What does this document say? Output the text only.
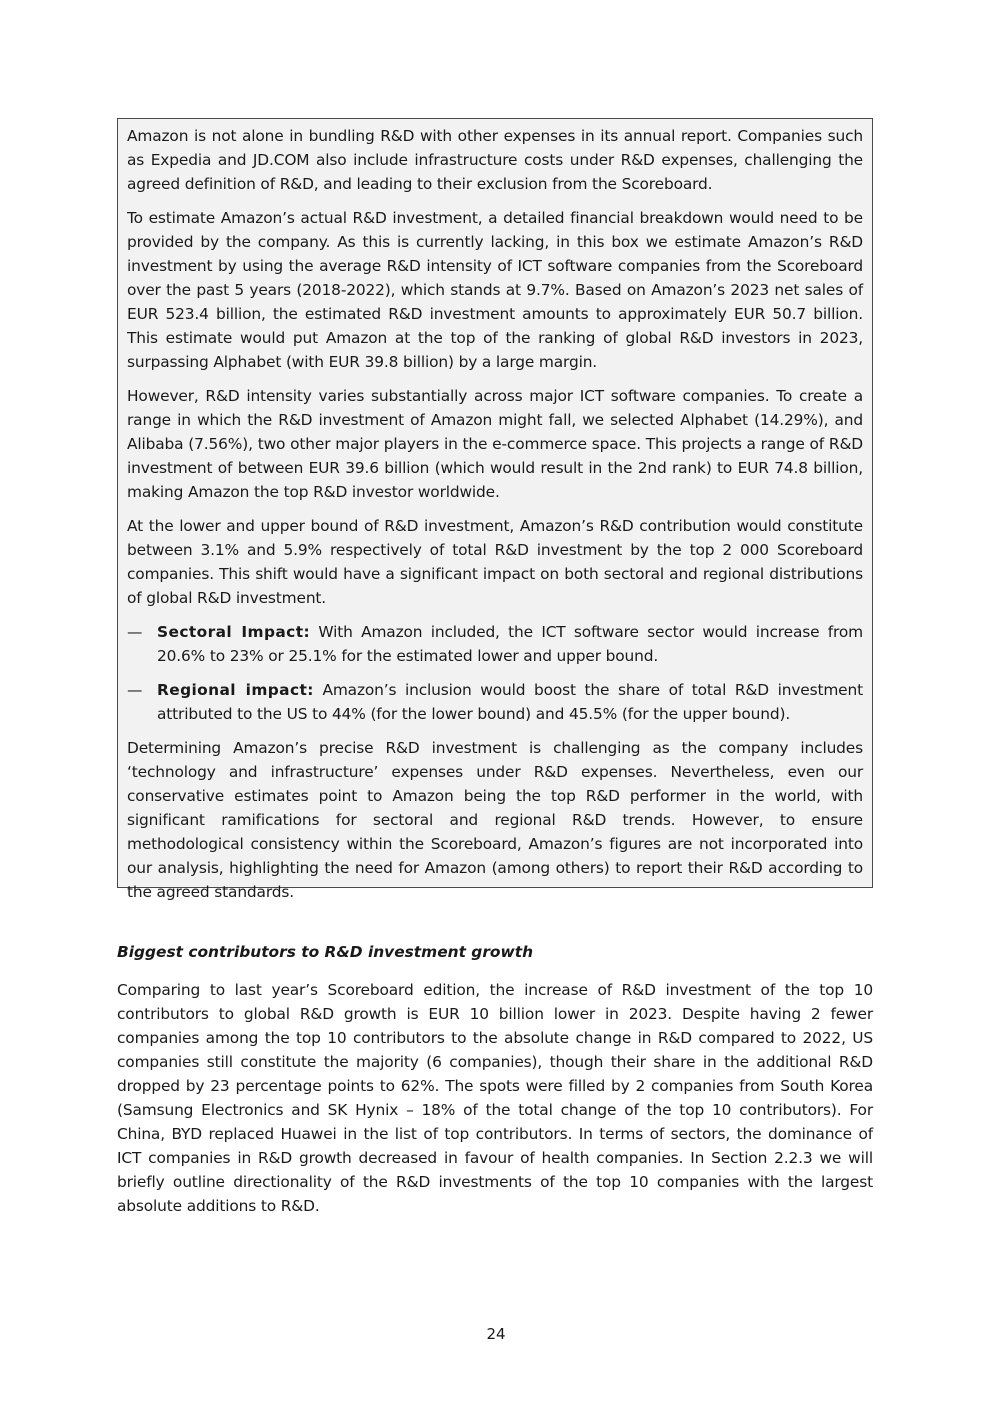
Amazon is not alone in bundling R&D with other expenses in its annual report. Companies such as Expedia and JD.COM also include infrastructure costs under R&D expenses, challenging the agreed definition of R&D, and leading to their exclusion from the Scoreboard.

To estimate Amazon’s actual R&D investment, a detailed financial breakdown would need to be provided by the company. As this is currently lacking, in this box we estimate Amazon’s R&D investment by using the average R&D intensity of ICT software companies from the Scoreboard over the past 5 years (2018-2022), which stands at 9.7%. Based on Amazon’s 2023 net sales of EUR 523.4 billion, the estimated R&D investment amounts to approximately EUR 50.7 billion. This estimate would put Amazon at the top of the ranking of global R&D investors in 2023, surpassing Alphabet (with EUR 39.8 billion) by a large margin.

However, R&D intensity varies substantially across major ICT software companies. To create a range in which the R&D investment of Amazon might fall, we selected Alphabet (14.29%), and Alibaba (7.56%), two other major players in the e-commerce space. This projects a range of R&D investment of between EUR 39.6 billion (which would result in the 2nd rank) to EUR 74.8 billion, making Amazon the top R&D investor worldwide.

At the lower and upper bound of R&D investment, Amazon’s R&D contribution would constitute between 3.1% and 5.9% respectively of total R&D investment by the top 2 000 Scoreboard companies. This shift would have a significant impact on both sectoral and regional distributions of global R&D investment.

— Sectoral Impact: With Amazon included, the ICT software sector would increase from 20.6% to 23% or 25.1% for the estimated lower and upper bound.
— Regional impact: Amazon’s inclusion would boost the share of total R&D investment attributed to the US to 44% (for the lower bound) and 45.5% (for the upper bound).

Determining Amazon’s precise R&D investment is challenging as the company includes ‘technology and infrastructure’ expenses under R&D expenses. Nevertheless, even our conservative estimates point to Amazon being the top R&D performer in the world, with significant ramifications for sectoral and regional R&D trends. However, to ensure methodological consistency within the Scoreboard, Amazon’s figures are not incorporated into our analysis, highlighting the need for Amazon (among others) to report their R&D according to the agreed standards.

Biggest contributors to R&D investment growth

Comparing to last year’s Scoreboard edition, the increase of R&D investment of the top 10 contributors to global R&D growth is EUR 10 billion lower in 2023. Despite having 2 fewer companies among the top 10 contributors to the absolute change in R&D compared to 2022, US companies still constitute the majority (6 companies), though their share in the additional R&D dropped by 23 percentage points to 62%. The spots were filled by 2 companies from South Korea (Samsung Electronics and SK Hynix – 18% of the total change of the top 10 contributors). For China, BYD replaced Huawei in the list of top contributors. In terms of sectors, the dominance of ICT companies in R&D growth decreased in favour of health companies. In Section 2.2.3 we will briefly outline directionality of the R&D investments of the top 10 companies with the largest absolute additions to R&D.

24
